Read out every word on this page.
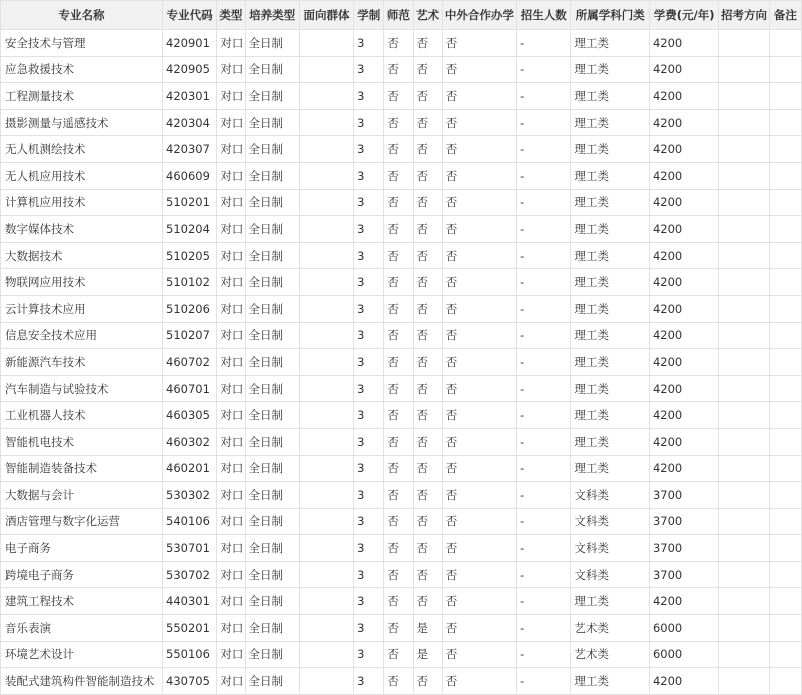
专业名称	专业代码	类型	培养类型	面向群体	学制	师范	艺术	中外合作办学	招生人数	所属学科门类	学费(元/年)	招考方向	备注
安全技术与管理	420901	对口	全日制		3	否	否	否	-	理工类	4200		
应急救援技术	420905	对口	全日制		3	否	否	否	-	理工类	4200		
工程测量技术	420301	对口	全日制		3	否	否	否	-	理工类	4200		
摄影测量与遥感技术	420304	对口	全日制		3	否	否	否	-	理工类	4200		
无人机测绘技术	420307	对口	全日制		3	否	否	否	-	理工类	4200		
无人机应用技术	460609	对口	全日制		3	否	否	否	-	理工类	4200		
计算机应用技术	510201	对口	全日制		3	否	否	否	-	理工类	4200		
数字媒体技术	510204	对口	全日制		3	否	否	否	-	理工类	4200		
大数据技术	510205	对口	全日制		3	否	否	否	-	理工类	4200		
物联网应用技术	510102	对口	全日制		3	否	否	否	-	理工类	4200		
云计算技术应用	510206	对口	全日制		3	否	否	否	-	理工类	4200		
信息安全技术应用	510207	对口	全日制		3	否	否	否	-	理工类	4200		
新能源汽车技术	460702	对口	全日制		3	否	否	否	-	理工类	4200		
汽车制造与试验技术	460701	对口	全日制		3	否	否	否	-	理工类	4200		
工业机器人技术	460305	对口	全日制		3	否	否	否	-	理工类	4200		
智能机电技术	460302	对口	全日制		3	否	否	否	-	理工类	4200		
智能制造装备技术	460201	对口	全日制		3	否	否	否	-	理工类	4200		
大数据与会计	530302	对口	全日制		3	否	否	否	-	文科类	3700		
酒店管理与数字化运营	540106	对口	全日制		3	否	否	否	-	文科类	3700		
电子商务	530701	对口	全日制		3	否	否	否	-	文科类	3700		
跨境电子商务	530702	对口	全日制		3	否	否	否	-	文科类	3700		
建筑工程技术	440301	对口	全日制		3	否	否	否	-	理工类	4200		
音乐表演	550201	对口	全日制		3	否	是	否	-	艺术类	6000		
环境艺术设计	550106	对口	全日制		3	否	是	否	-	艺术类	6000		
装配式建筑构件智能制造技术	430705	对口	全日制		3	否	否	否	-	理工类	4200		
